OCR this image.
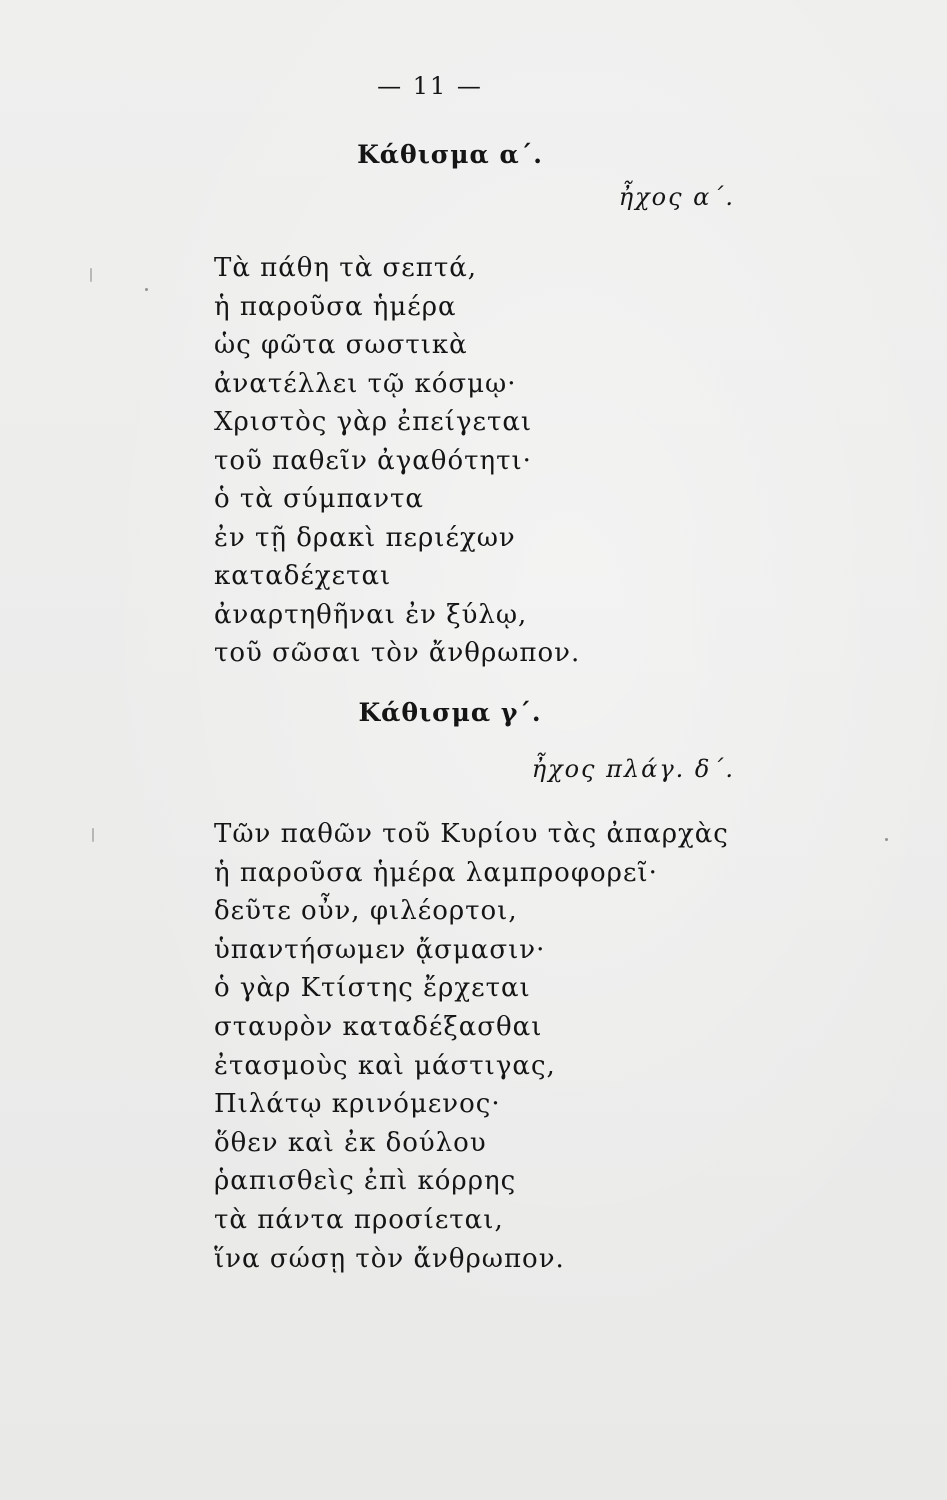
— 11 —
Κάθισμα α΄.
ἦχος α΄.
Τὰ πάθη τὰ σεπτά,
ἡ παροῦσα ἡμέρα
ὡς φῶτα σωστικὰ
ἀνατέλλει τῷ κόσμῳ·
Χριστὸς γὰρ ἐπείγεται
τοῦ παθεῖν ἀγαθότητι·
ὁ τὰ σύμπαντα
ἐν τῇ δρακὶ περιέχων
καταδέχεται
ἀναρτηθῆναι ἐν ξύλῳ,
τοῦ σῶσαι τὸν ἄνθρωπον.
Κάθισμα γ΄.
ἦχος πλάγ. δ΄.
Τῶν παθῶν τοῦ Κυρίου τὰς ἀπαρχὰς
ἡ παροῦσα ἡμέρα λαμπροφορεῖ·
δεῦτε οὖν, φιλέορτοι,
ὑπαντήσωμεν ᾄσμασιν·
ὁ γὰρ Κτίστης ἔρχεται
σταυρὸν καταδέξασθαι
ἐτασμοὺς καὶ μάστιγας,
Πιλάτῳ κρινόμενος·
ὅθεν καὶ ἐκ δούλου
ῥαπισθεὶς ἐπὶ κόρρης
τὰ πάντα προσίεται,
ἵνα σώσῃ τὸν ἄνθρωπον.
